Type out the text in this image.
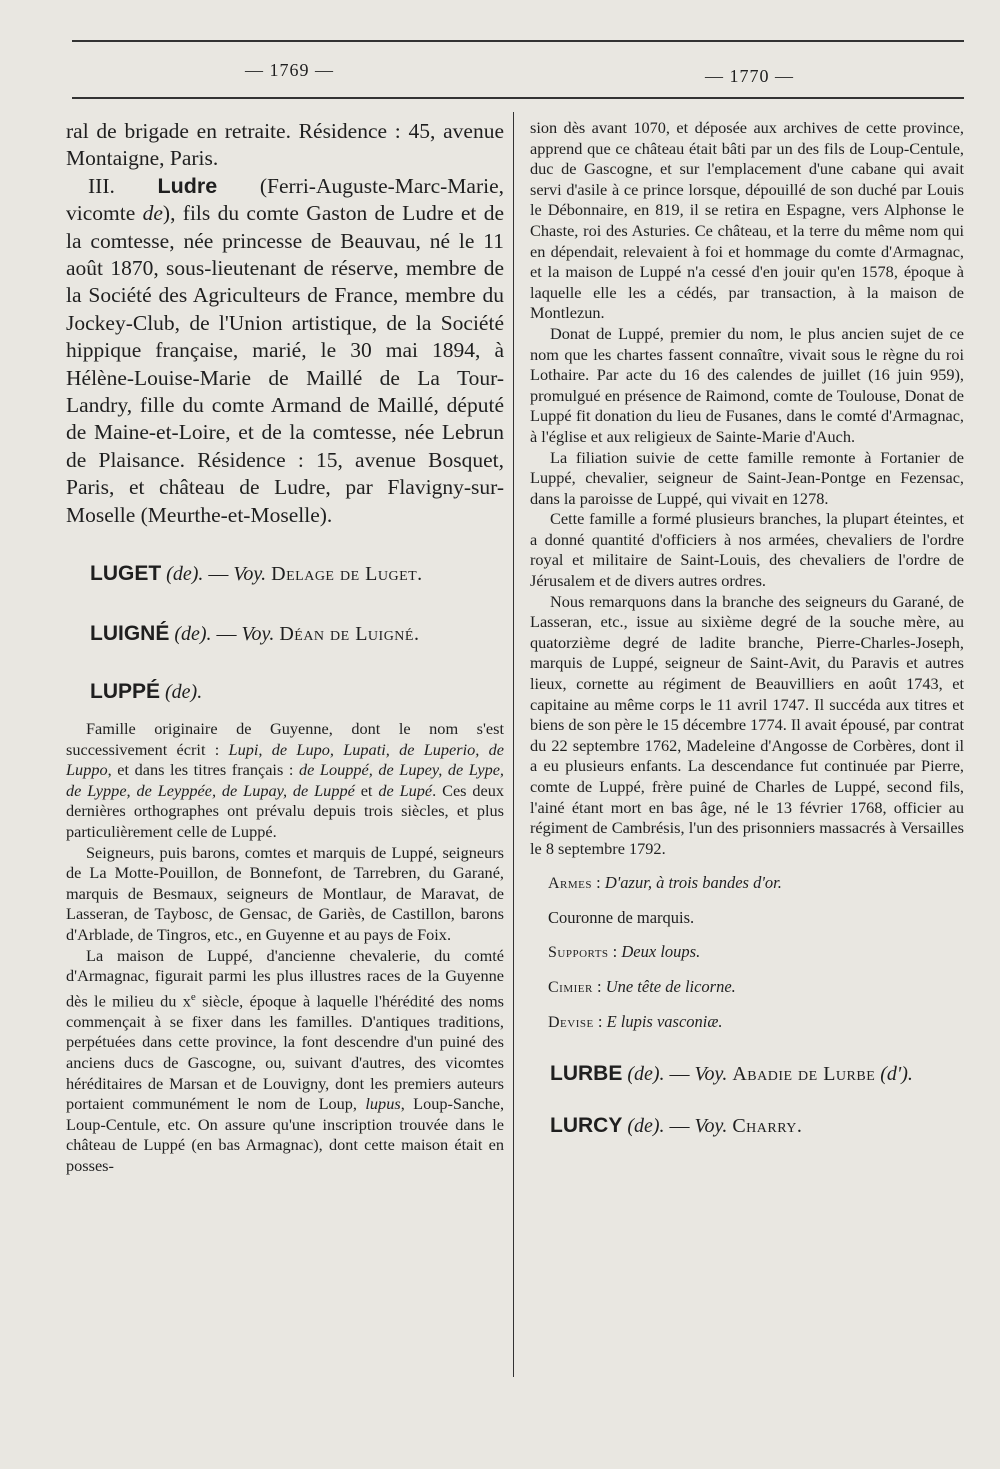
— 1769 —	— 1770 —

ral de brigade en retraite. Résidence : 45, avenue Montaigne, Paris.

III. Ludre (Ferri-Auguste-Marc-Marie, vicomte de), fils du comte Gaston de Ludre et de la comtesse, née princesse de Beauvau, né le 11 août 1870, sous-lieutenant de réserve, membre de la Société des Agriculteurs de France, membre du Jockey-Club, de l'Union artistique, de la Société hippique française, marié, le 30 mai 1894, à Hélène-Louise-Marie de Maillé de La Tour-Landry, fille du comte Armand de Maillé, député de Maine-et-Loire, et de la comtesse, née Lebrun de Plaisance. Résidence : 15, avenue Bosquet, Paris, et château de Ludre, par Flavigny-sur-Moselle (Meurthe-et-Moselle).

LUGET (de). — Voy. Delage de Luget.

LUIGNÉ (de). — Voy. Déan de Luigné.

LUPPÉ (de).

Famille originaire de Guyenne, dont le nom s'est successivement écrit : Lupi, de Lupo, Lupati, de Luperio, de Luppo, et dans les titres français : de Louppé, de Lupey, de Lype, de Lyppe, de Leyppée, de Lupay, de Luppé et de Lupé. Ces deux dernières orthographes ont prévalu depuis trois siècles, et plus particulièrement celle de Luppé.

Seigneurs, puis barons, comtes et marquis de Luppé, seigneurs de La Motte-Pouillon, de Bonnefont, de Tarrebren, du Garané, marquis de Besmaux, seigneurs de Montlaur, de Maravat, de Lasseran, de Taybosc, de Gensac, de Gariès, de Castillon, barons d'Arblade, de Tingros, etc., en Guyenne et au pays de Foix.

La maison de Luppé, d'ancienne chevalerie, du comté d'Armagnac, figurait parmi les plus illustres races de la Guyenne dès le milieu du $x^e$ siècle, époque à laquelle l'hérédité des noms commençait à se fixer dans les familles. D'antiques traditions, perpétuées dans cette province, la font descendre d'un puiné des anciens ducs de Gascogne, ou, suivant d'autres, des vicomtes héréditaires de Marsan et de Louvigny, dont les premiers auteurs portaient communément le nom de Loup, lupus, Loup-Sanche, Loup-Centule, etc. On assure qu'une inscription trouvée dans le château de Luppé (en bas Armagnac), dont cette maison était en posses-

sion dès avant 1070, et déposée aux archives de cette province, apprend que ce château était bâti par un des fils de Loup-Centule, duc de Gascogne, et sur l'emplacement d'une cabane qui avait servi d'asile à ce prince lorsque, dépouillé de son duché par Louis le Débonnaire, en 819, il se retira en Espagne, vers Alphonse le Chaste, roi des Asturies. Ce château, et la terre du même nom qui en dépendait, relevaient à foi et hommage du comte d'Armagnac, et la maison de Luppé n'a cessé d'en jouir qu'en 1578, époque à laquelle elle les a cédés, par transaction, à la maison de Montlezun.

Donat de Luppé, premier du nom, le plus ancien sujet de ce nom que les chartes fassent connaître, vivait sous le règne du roi Lothaire. Par acte du 16 des calendes de juillet (16 juin 959), promulgué en présence de Raimond, comte de Toulouse, Donat de Luppé fit donation du lieu de Fusanes, dans le comté d'Armagnac, à l'église et aux religieux de Sainte-Marie d'Auch.

La filiation suivie de cette famille remonte à Fortanier de Luppé, chevalier, seigneur de Saint-Jean-Pontge en Fezensac, dans la paroisse de Luppé, qui vivait en 1278.

Cette famille a formé plusieurs branches, la plupart éteintes, et a donné quantité d'officiers à nos armées, chevaliers de l'ordre royal et militaire de Saint-Louis, des chevaliers de l'ordre de Jérusalem et de divers autres ordres.

Nous remarquons dans la branche des seigneurs du Garané, de Lasseran, etc., issue au sixième degré de la souche mère, au quatorzième degré de ladite branche, Pierre-Charles-Joseph, marquis de Luppé, seigneur de Saint-Avit, du Paravis et autres lieux, cornette au régiment de Beauvilliers en août 1743, et capitaine au même corps le 11 avril 1747. Il succéda aux titres et biens de son père le 15 décembre 1774. Il avait épousé, par contrat du 22 septembre 1762, Madeleine d'Angosse de Corbères, dont il a eu plusieurs enfants. La descendance fut continuée par Pierre, comte de Luppé, frère puiné de Charles de Luppé, second fils, l'ainé étant mort en bas âge, né le 13 février 1768, officier au régiment de Cambrésis, l'un des prisonniers massacrés à Versailles le 8 septembre 1792.

Armes : D'azur, à trois bandes d'or.

Couronne de marquis.

Supports : Deux loups.

Cimier : Une tête de licorne.

Devise : E lupis vasconiæ.

LURBE (de). — Voy. Abadie de Lurbe (d').

LURCY (de). — Voy. Charry.
